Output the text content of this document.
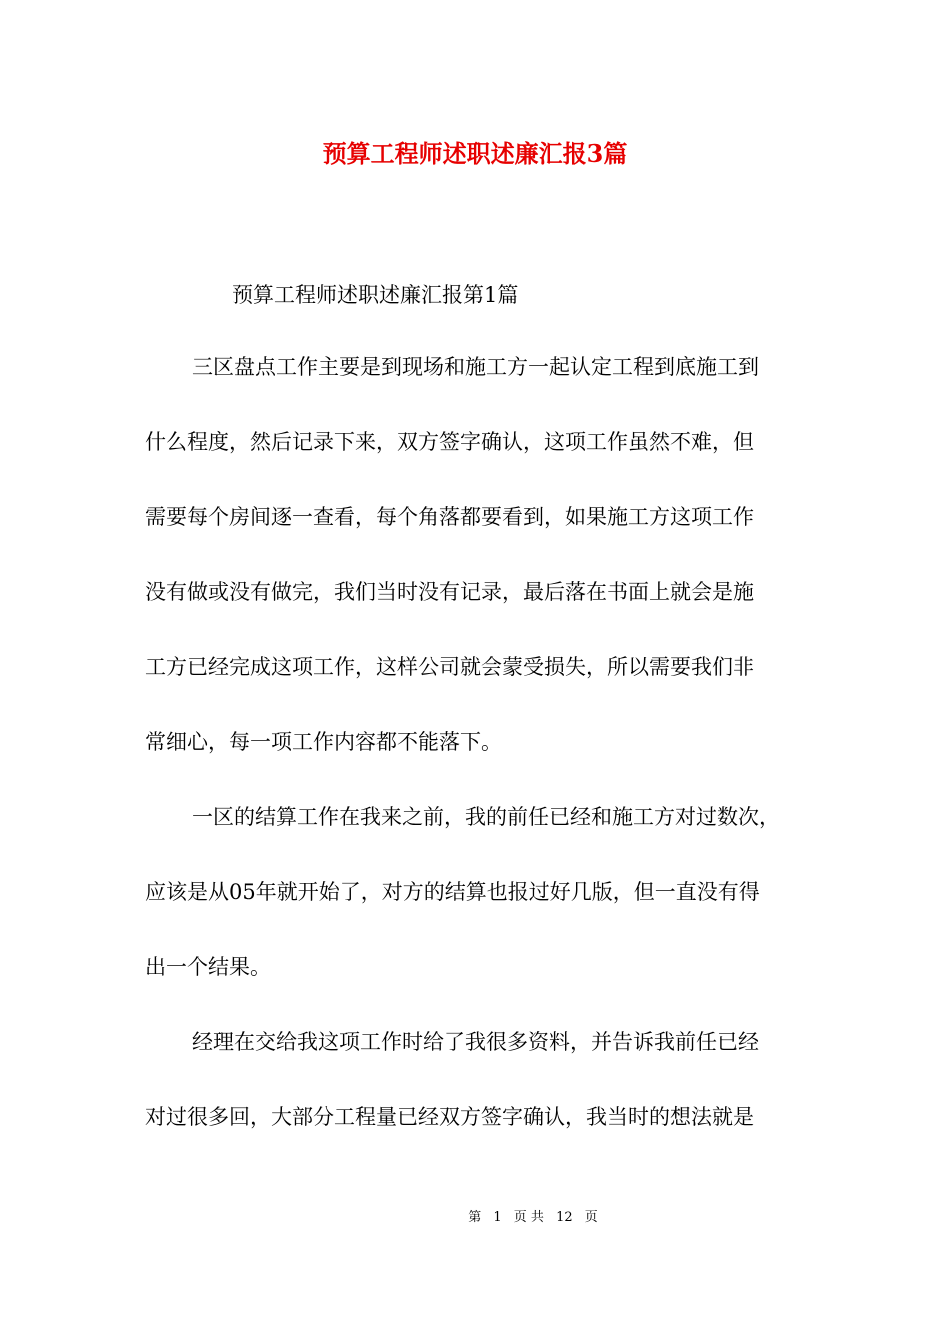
预算工程师述职述廉汇报3篇

预算工程师述职述廉汇报第1篇

三区盘点工作主要是到现场和施工方一起认定工程到底施工到

什么程度，然后记录下来，双方签字确认，这项工作虽然不难，但

需要每个房间逐一查看，每个角落都要看到，如果施工方这项工作

没有做或没有做完，我们当时没有记录，最后落在书面上就会是施

工方已经完成这项工作，这样公司就会蒙受损失，所以需要我们非

常细心，每一项工作内容都不能落下。

一区的结算工作在我来之前，我的前任已经和施工方对过数次，

应该是从05年就开始了，对方的结算也报过好几版，但一直没有得

出一个结果。

经理在交给我这项工作时给了我很多资料，并告诉我前任已经

对过很多回，大部分工程量已经双方签字确认，我当时的想法就是

第 1 页 共 12 页
